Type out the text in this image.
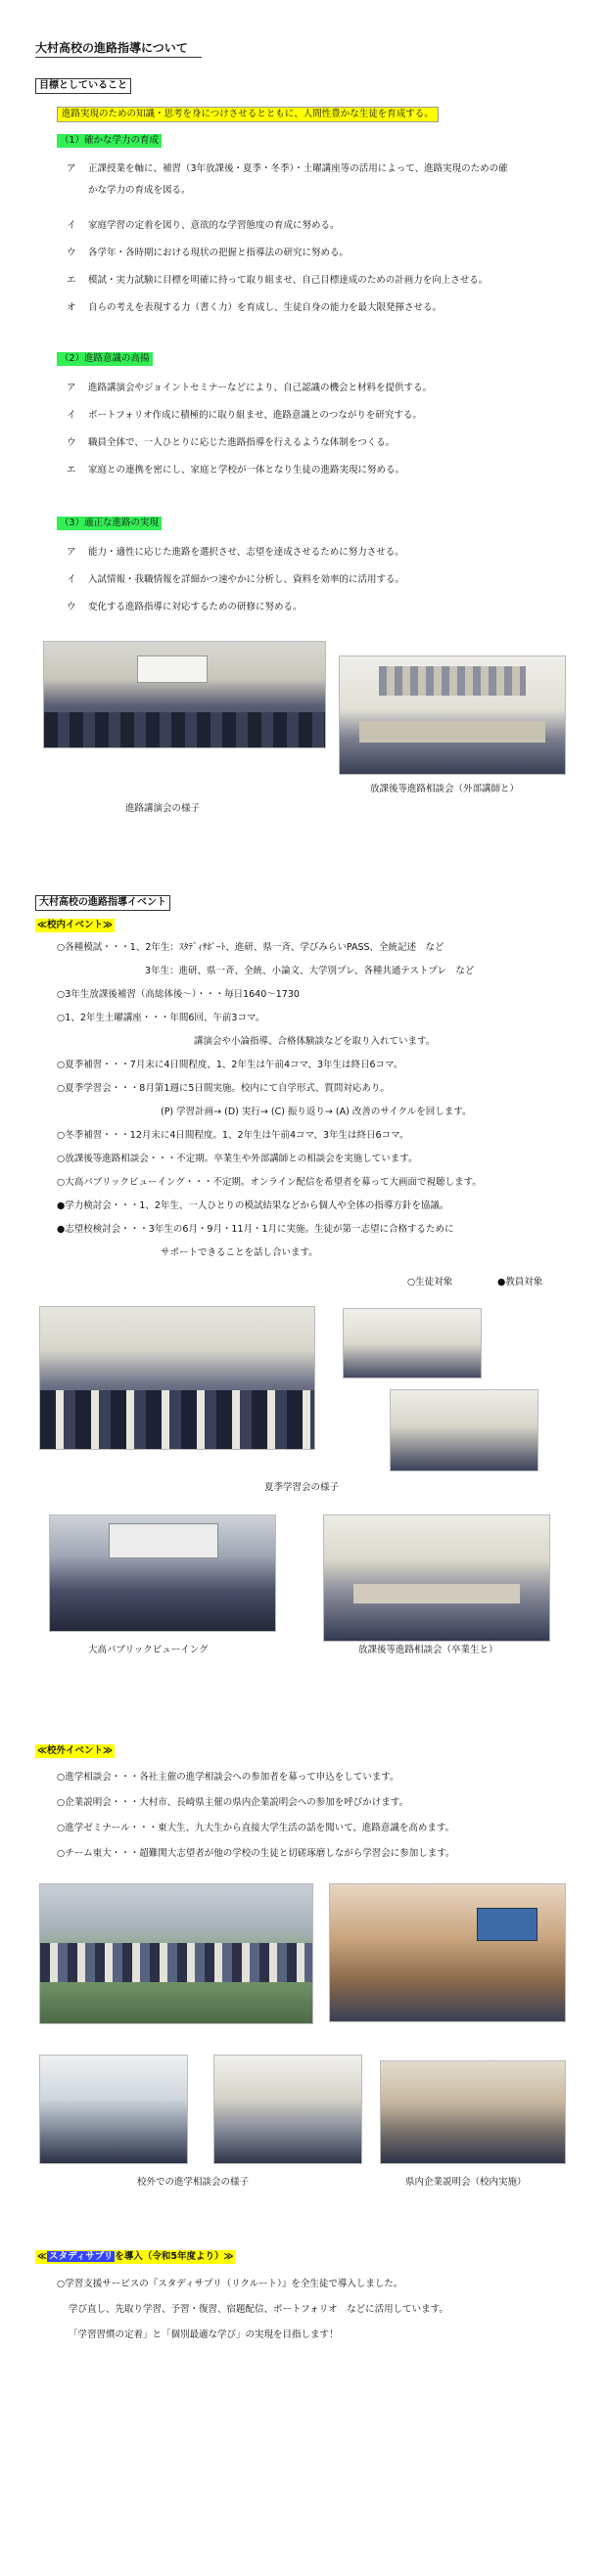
大村高校の進路指導について
目標としていること
進路実現のための知識・思考を身につけさせるとともに、人間性豊かな生徒を育成する。
（1）確かな学力の育成
ア 正課授業を軸に、補習（3年放課後・夏季・冬季）・土曜講座等の活用によって、進路実現のための確
かな学力の育成を図る。
イ 家庭学習の定着を図り、意欲的な学習態度の育成に努める。
ウ 各学年・各時期における現状の把握と指導法の研究に努める。
エ 模試・実力試験に目標を明確に持って取り組ませ、自己目標達成のための計画力を向上させる。
オ 自らの考えを表現する力（書く力）を育成し、生徒自身の能力を最大限発揮させる。
（2）進路意識の高揚
ア 進路講演会やジョイントセミナーなどにより、自己認識の機会と材料を提供する。
イ ポートフォリオ作成に積極的に取り組ませ、進路意識とのつながりを研究する。
ウ 職員全体で、一人ひとりに応じた進路指導を行えるような体制をつくる。
エ 家庭との連携を密にし、家庭と学校が一体となり生徒の進路実現に努める。
（3）適正な進路の実現
ア 能力・適性に応じた進路を選択させ、志望を達成させるために努力させる。
イ 入試情報・我職情報を詳細かつ速やかに分析し、資料を効率的に活用する。
ウ 変化する進路指導に対応するための研修に努める。
進路講演会の様子
放課後等進路相談会（外部講師と）
大村高校の進路指導イベント
≪校内イベント≫
○各種模試・・・1、2年生：ｽﾀﾃﾞｨｻﾎﾟｰﾄ、進研、県一斉、学びみらいPASS、全統記述　など
3年生：進研、県一斉、全統、小論文、大学別プレ、各種共通テストプレ　など
○3年生放課後補習（高総体後〜）・・・毎日1640〜1730
○1、2年生土曜講座・・・年間6回、午前3コマ。
講演会や小論指導、合格体験談などを取り入れています。
○夏季補習・・・7月末に4日間程度、1、2年生は午前4コマ、3年生は終日6コマ。
○夏季学習会・・・8月第1週に5日間実施。校内にて自学形式、質問対応あり。
(P) 学習計画→ (D) 実行→ (C) 振り返り→ (A) 改善のサイクルを回します。
○冬季補習・・・12月末に4日間程度。1、2年生は午前4コマ、3年生は終日6コマ。
○放課後等進路相談会・・・不定期。卒業生や外部講師との相談会を実施しています。
○大高パブリックビューイング・・・不定期。オンライン配信を希望者を募って大画面で視聴します。
●学力検討会・・・1、2年生、一人ひとりの模試結果などから個人や全体の指導方針を協議。
●志望校検討会・・・3年生の6月・9月・11月・1月に実施。生徒が第一志望に合格するために
サポートできることを話し合います。
○生徒対象	●教員対象
夏季学習会の様子
大高パブリックビューイング	放課後等進路相談会（卒業生と）
≪校外イベント≫
○進学相談会・・・各社主催の進学相談会への参加者を募って申込をしています。
○企業説明会・・・大村市、長崎県主催の県内企業説明会への参加を呼びかけます。
○進学ゼミナール・・・東大生、九大生から直接大学生活の話を聞いて、進路意識を高めます。
○チーム東大・・・超難関大志望者が他の学校の生徒と切磋琢磨しながら学習会に参加します。
校外での進学相談会の様子	県内企業説明会（校内実施）
≪ スタディサプリ を導入（令和5年度より）≫
○学習支援サービスの『スタディサプリ（リクルート）』を全生徒で導入しました。
学び直し、先取り学習、予習・復習、宿題配信、ポートフォリオ　などに活用しています。
「学習習慣の定着」と「個別最適な学び」の実現を目指します！
